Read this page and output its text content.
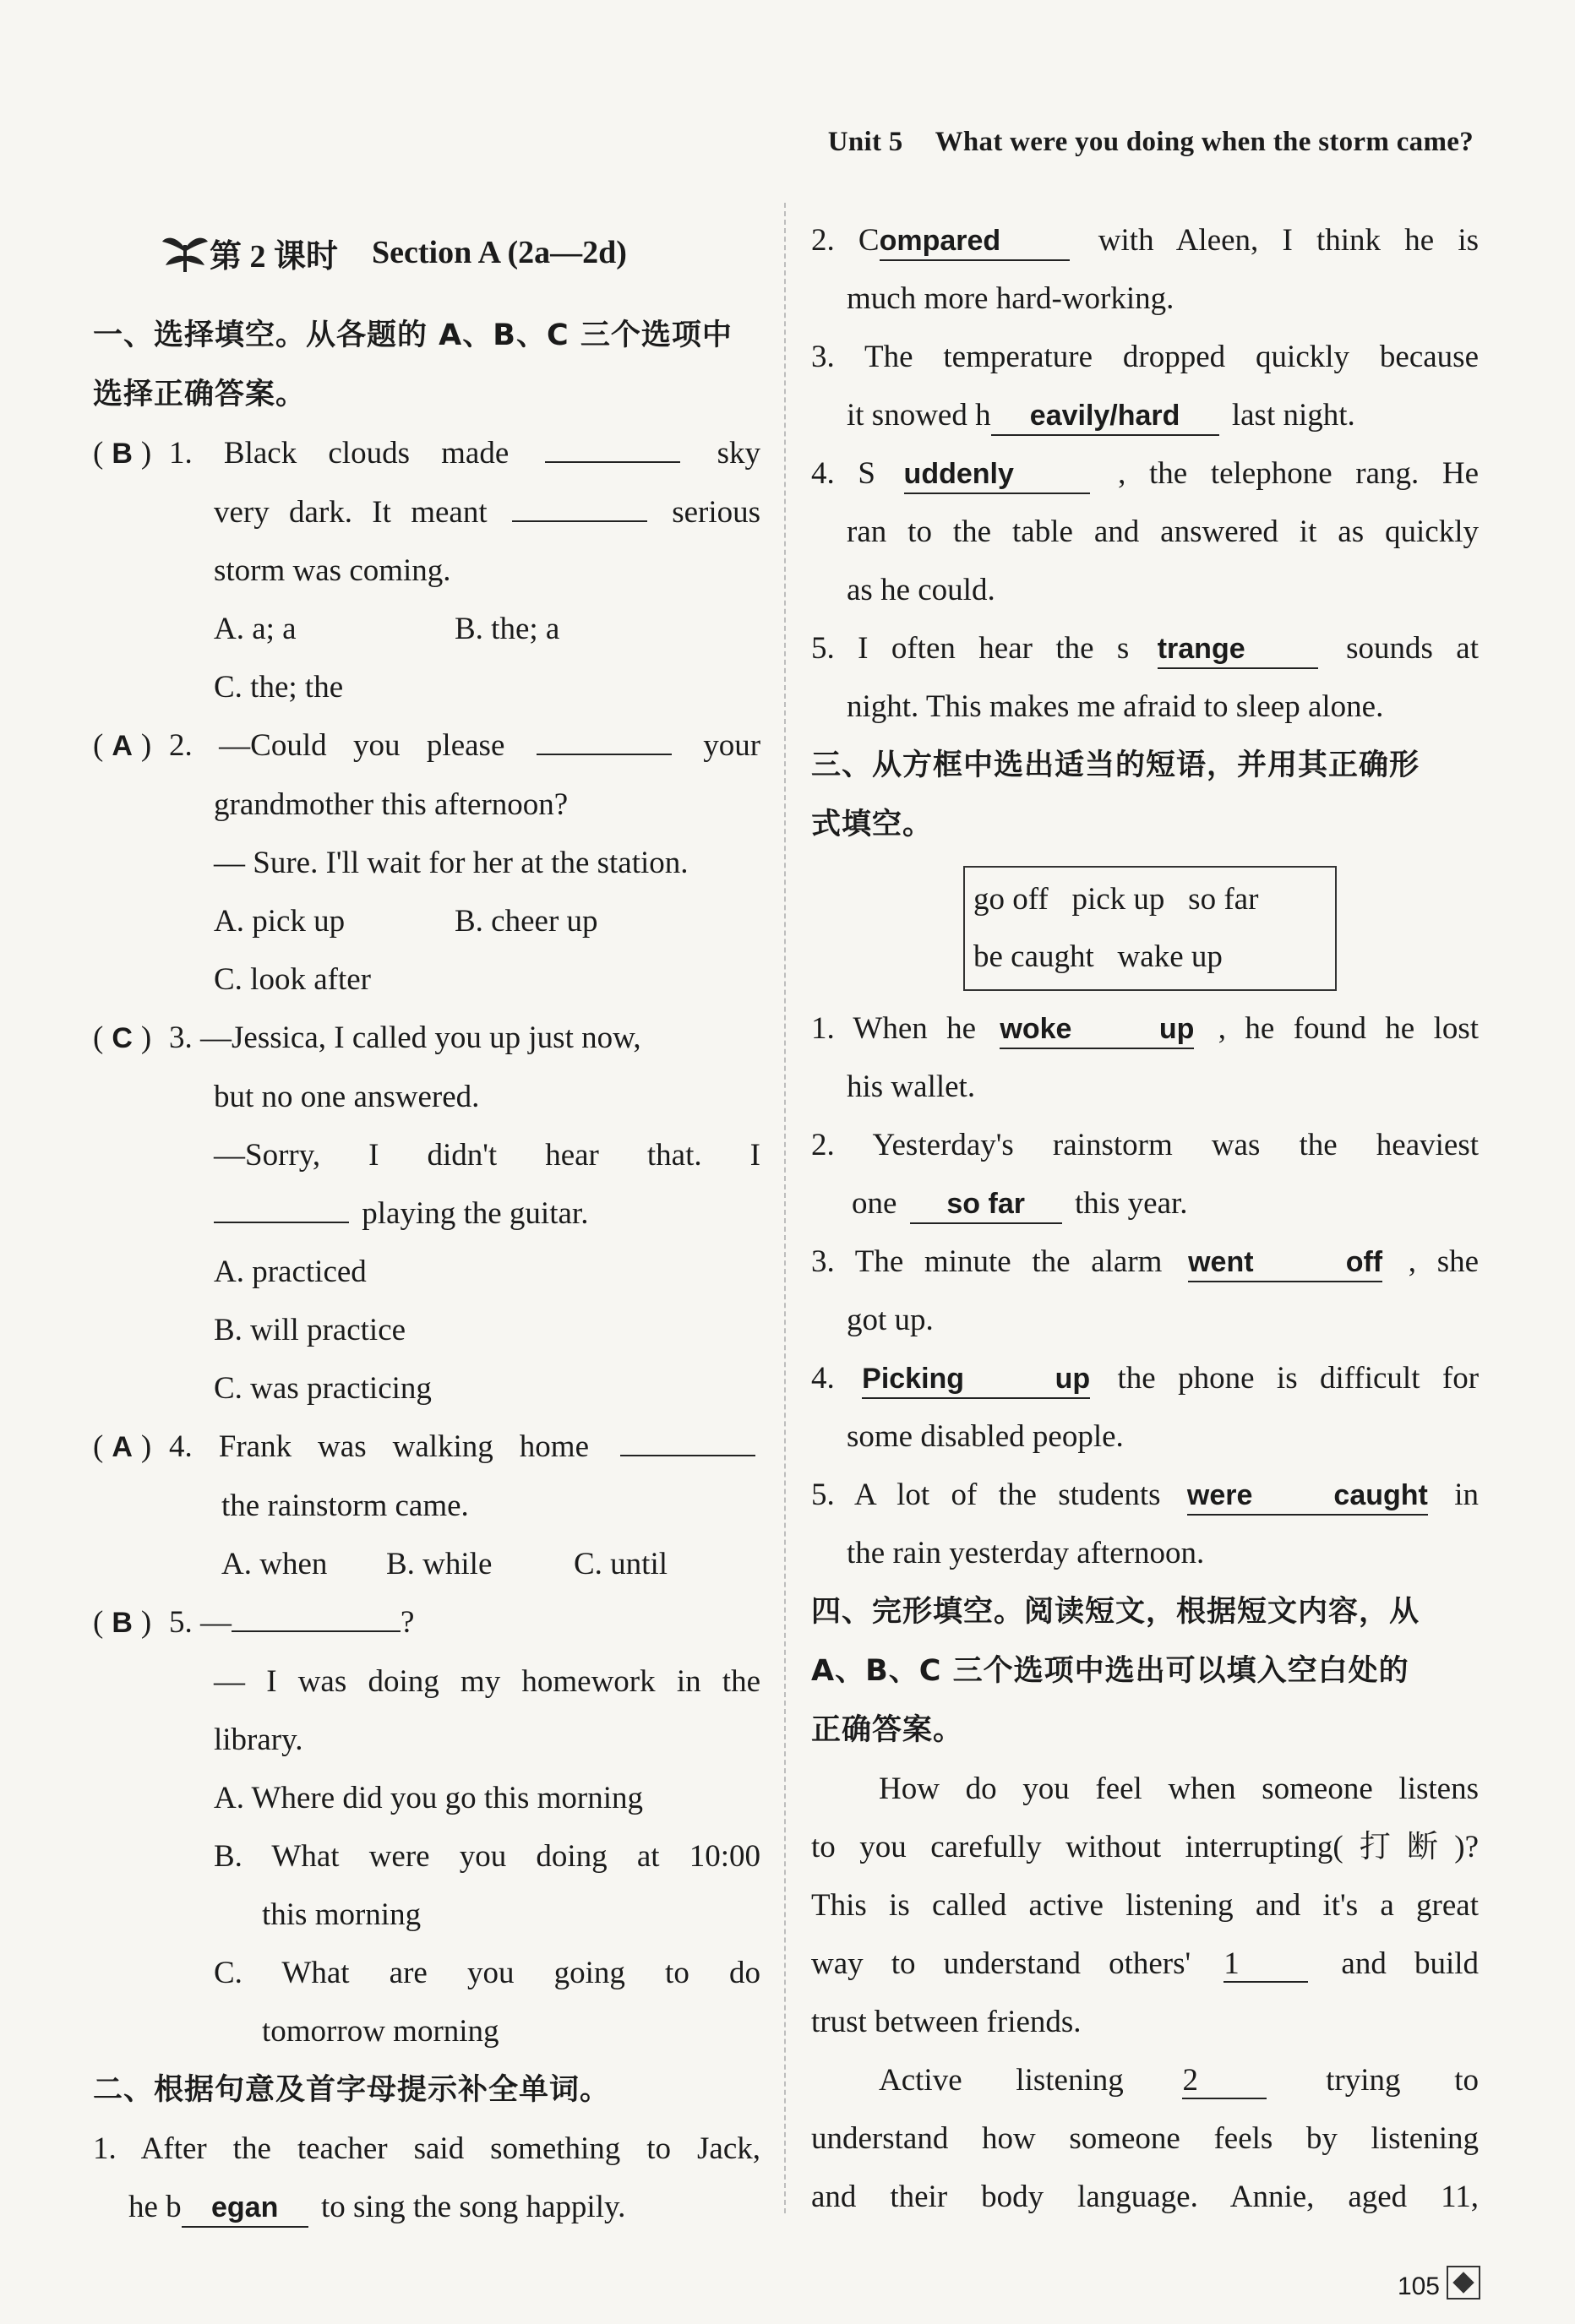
Unit 5 What were you doing when the storm came?
第 2 课时 Section A (2a—2d)
一、选择填空。从各题的 A、B、C 三个选项中
选择正确答案。
( B ) 1. Black clouds made	sky
very dark. It meant	serious
storm was coming.
A. a; a	B. the; a
C. the; the
( A ) 2. —Could you please	your
grandmother this afternoon?
— Sure. I'll wait for her at the station.
A. pick up	B. cheer up
C. look after
( C ) 3. —Jessica, I called you up just now,
but no one answered.
—Sorry, I didn't hear that. I
playing the guitar.
A. practiced
B. will practice
C. was practicing
( A ) 4. Frank was walking home
the rainstorm came.
A. when	B. while	C. until
( B ) 5. —	?
— I was doing my homework in the
library.
A. Where did you go this morning
B. What were you doing at 10:00
this morning
C. What are you going to do
tomorrow morning
二、根据句意及首字母提示补全单词。
1. After the teacher said something to Jack,
he b egan to sing the song happily.
2. Compared	with Aleen, I think he is
much more hard-working.
3. The temperature dropped quickly because
it snowed h eavily/hard last night.
4. S uddenly	, the telephone rang. He
ran to the table and answered it as quickly
as he could.
5. I often hear the s trange	sounds at
night. This makes me afraid to sleep alone.
三、从方框中选出适当的短语，并用其正确形
式填空。
go off   pick up   so far
be caught   wake up
1. When he woke up , he found he lost
his wallet.
2. Yesterday's rainstorm was the heaviest
one so far this year.
3. The minute the alarm went off , she
got up.
4. Picking up the phone is difficult for
some disabled people.
5. A lot of the students were caught in
the rain yesterday afternoon.
四、完形填空。阅读短文，根据短文内容，从
A、B、C 三个选项中选出可以填入空白处的
正确答案。
How do you feel when someone listens
to you carefully without interrupting(打断)?
This is called active listening and it's a great
way to understand others' 1	and build
trust between friends.
Active listening 2	trying to
understand how someone feels by listening
and their body language. Annie, aged 11,
105
